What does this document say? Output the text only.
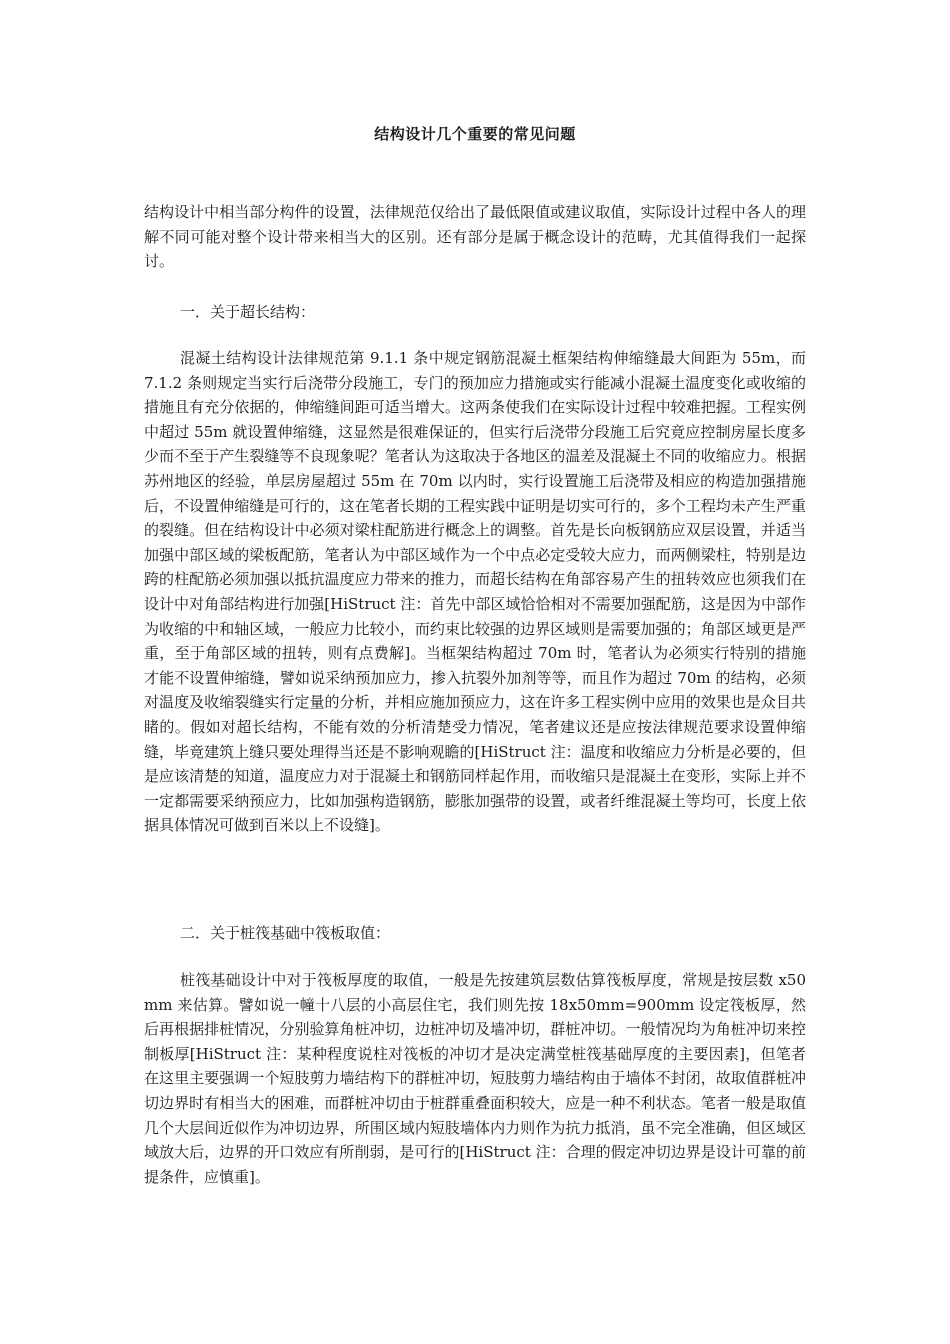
结构设计几个重要的常见问题

结构设计中相当部分构件的设置，法律规范仅给出了最低限值或建议取值，实际设计过程中各人的理解不同可能对整个设计带来相当大的区别。还有部分是属于概念设计的范畴，尤其值得我们一起探讨。

一．关于超长结构：

混凝土结构设计法律规范第 9.1.1 条中规定钢筋混凝土框架结构伸缩缝最大间距为 55m，而 7.1.2 条则规定当实行后浇带分段施工，专门的预加应力措施或实行能减小混凝土温度变化或收缩的措施且有充分依据的，伸缩缝间距可适当增大。这两条使我们在实际设计过程中较难把握。工程实例中超过 55m 就设置伸缩缝，这显然是很难保证的，但实行后浇带分段施工后究竟应控制房屋长度多少而不至于产生裂缝等不良现象呢？笔者认为这取决于各地区的温差及混凝土不同的收缩应力。根据苏州地区的经验，单层房屋超过 55m 在 70m 以内时，实行设置施工后浇带及相应的构造加强措施后，不设置伸缩缝是可行的，这在笔者长期的工程实践中证明是切实可行的，多个工程均未产生严重的裂缝。但在结构设计中必须对梁柱配筋进行概念上的调整。首先是长向板钢筋应双层设置，并适当加强中部区域的梁板配筋，笔者认为中部区域作为一个中点必定受较大应力，而两侧梁柱，特别是边跨的柱配筋必须加强以抵抗温度应力带来的推力，而超长结构在角部容易产生的扭转效应也须我们在设计中对角部结构进行加强[HiStruct 注：首先中部区域恰恰相对不需要加强配筋，这是因为中部作为收缩的中和轴区域，一般应力比较小，而约束比较强的边界区域则是需要加强的；角部区域更是严重，至于角部区域的扭转，则有点费解]。当框架结构超过 70m 时，笔者认为必须实行特别的措施才能不设置伸缩缝，譬如说采纳预加应力，掺入抗裂外加剂等等，而且作为超过 70m 的结构，必须对温度及收缩裂缝实行定量的分析，并相应施加预应力，这在许多工程实例中应用的效果也是众目共睹的。假如对超长结构，不能有效的分析清楚受力情况，笔者建议还是应按法律规范要求设置伸缩缝，毕竟建筑上缝只要处理得当还是不影响观瞻的[HiStruct 注：温度和收缩应力分析是必要的，但是应该清楚的知道，温度应力对于混凝土和钢筋同样起作用，而收缩只是混凝土在变形，实际上并不一定都需要采纳预应力，比如加强构造钢筋，膨胀加强带的设置，或者纤维混凝土等均可，长度上依据具体情况可做到百米以上不设缝]。

二．关于桩筏基础中筏板取值：

桩筏基础设计中对于筏板厚度的取值，一般是先按建筑层数估算筏板厚度，常规是按层数 x50mm 来估算。譬如说一幢十八层的小高层住宅，我们则先按 18x50mm=900mm 设定筏板厚，然后再根据排桩情况，分别验算角桩冲切，边桩冲切及墙冲切，群桩冲切。一般情况均为角桩冲切来控制板厚[HiStruct 注：某种程度说柱对筏板的冲切才是决定满堂桩筏基础厚度的主要因素]，但笔者在这里主要强调一个短肢剪力墙结构下的群桩冲切，短肢剪力墙结构由于墙体不封闭，故取值群桩冲切边界时有相当大的困难，而群桩冲切由于桩群重叠面积较大，应是一种不利状态。笔者一般是取值几个大层间近似作为冲切边界，所围区域内短肢墙体内力则作为抗力抵消，虽不完全准确，但区域区域放大后，边界的开口效应有所削弱，是可行的[HiStruct 注：合理的假定冲切边界是设计可靠的前提条件，应慎重]。
